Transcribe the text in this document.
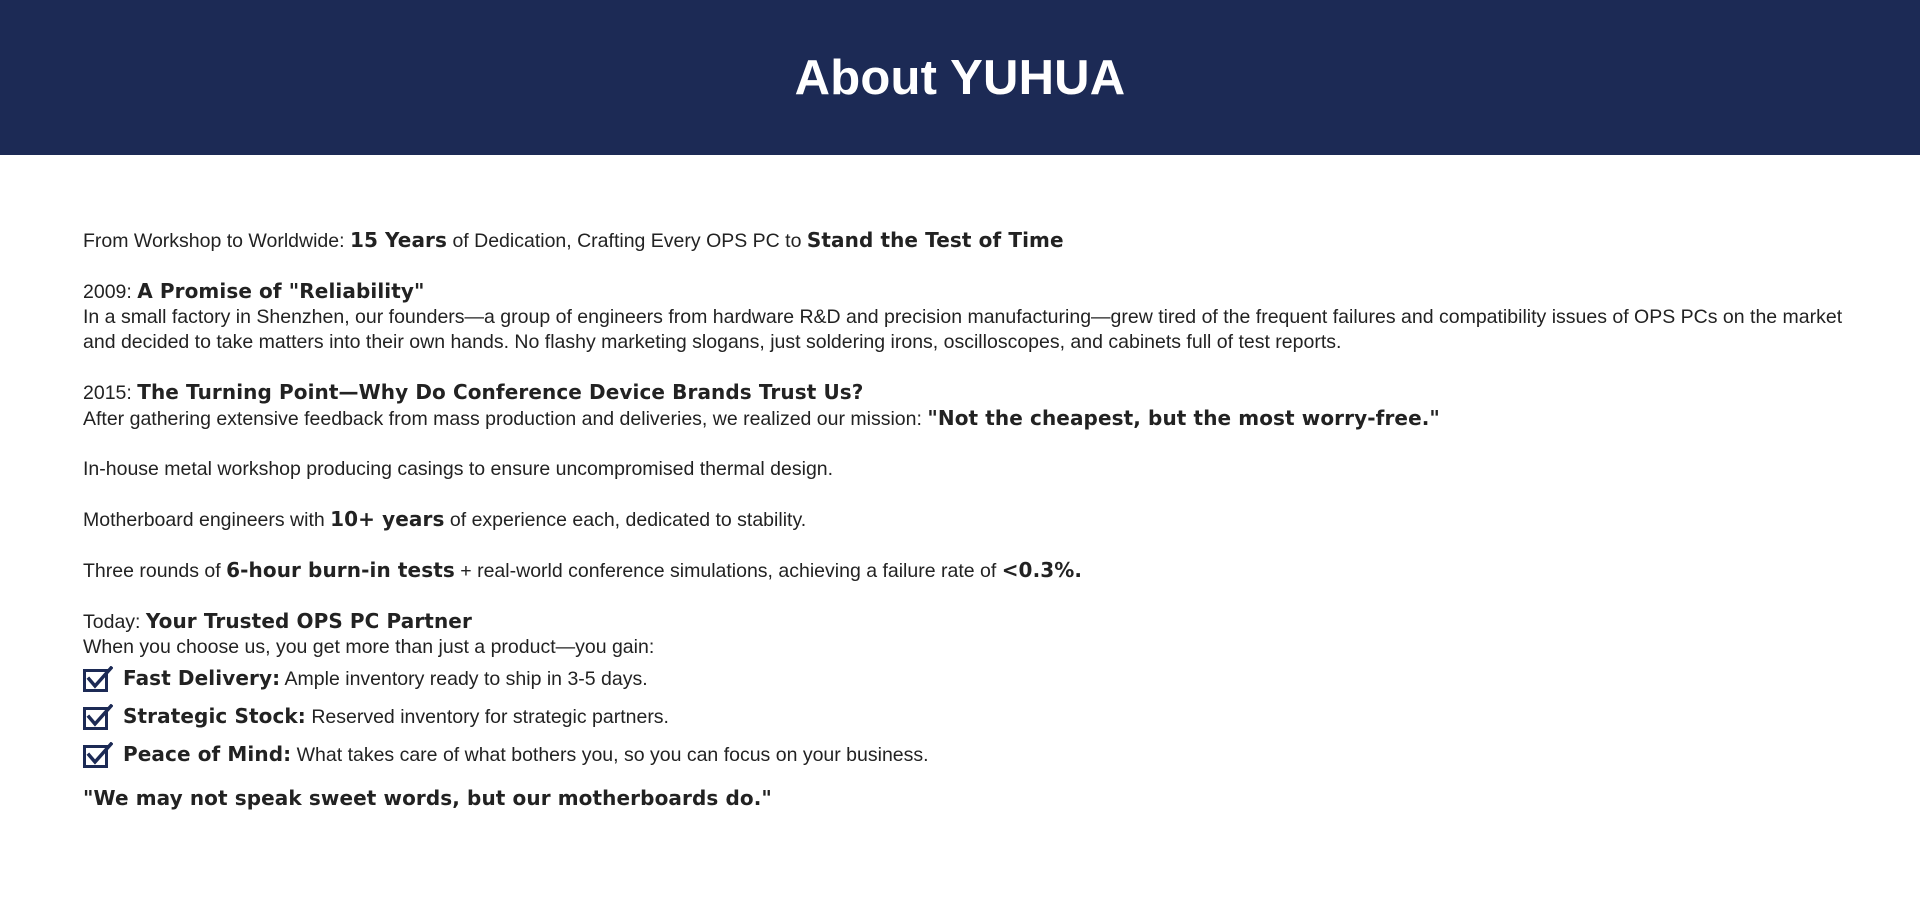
About YUHUA

From Workshop to Worldwide: 15 Years of Dedication, Crafting Every OPS PC to Stand the Test of Time

2009: A Promise of "Reliability"

In a small factory in Shenzhen, our founders—a group of engineers from hardware R&D and precision manufacturing—grew tired of the frequent failures and compatibility issues of OPS PCs on the market and decided to take matters into their own hands. No flashy marketing slogans, just soldering irons, oscilloscopes, and cabinets full of test reports.

2015: The Turning Point—Why Do Conference Device Brands Trust Us?

After gathering extensive feedback from mass production and deliveries, we realized our mission: "Not the cheapest, but the most worry-free."

In-house metal workshop producing casings to ensure uncompromised thermal design.

Motherboard engineers with 10+ years of experience each, dedicated to stability.

Three rounds of 6-hour burn-in tests + real-world conference simulations, achieving a failure rate of <0.3%.

Today: Your Trusted OPS PC Partner

When you choose us, you get more than just a product—you gain:

Fast Delivery: Ample inventory ready to ship in 3-5 days.
Strategic Stock: Reserved inventory for strategic partners.
Peace of Mind: What takes care of what bothers you, so you can focus on your business.

"We may not speak sweet words, but our motherboards do."
